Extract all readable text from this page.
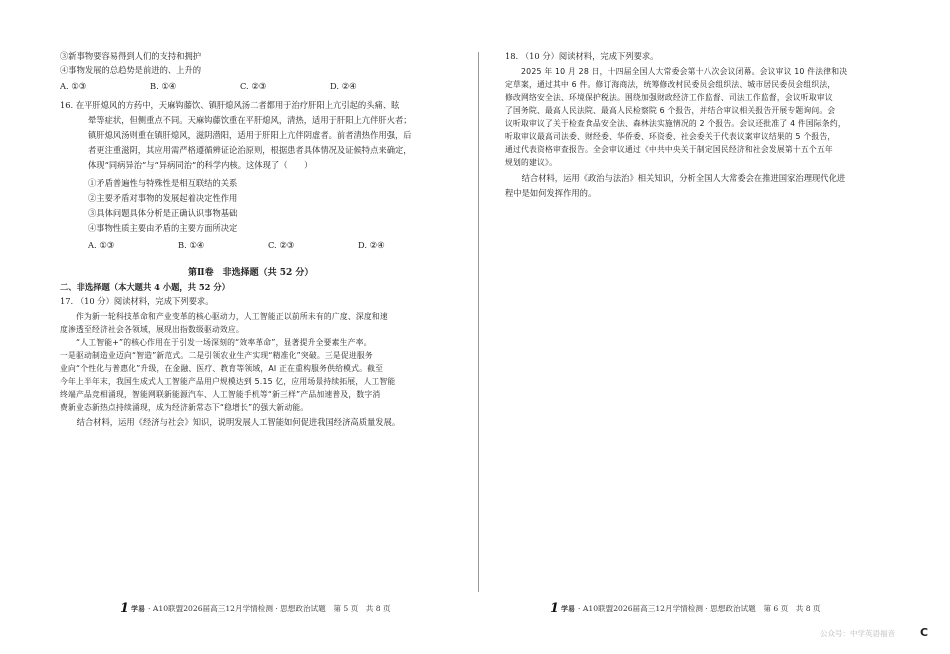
③新事物要容易得到人们的支持和拥护
④事物发展的总趋势是前进的、上升的
A. ①③	B. ①④	C. ②③	D. ②④
16. 在平肝熄风的方药中，天麻钩藤饮、镇肝熄风汤二者都用于治疗肝阳上亢引起的头痛、眩
晕等症状，但侧重点不同。天麻钩藤饮重在平肝熄风，清热，适用于肝阳上亢伴肝火者；
镇肝熄风汤则重在镇肝熄风，滋阴潜阳，适用于肝阳上亢伴阴虚者。前者清热作用强，后
者更注重滋阴，其应用需严格遵循辨证论治原则，根据患者具体情况及证候特点来确定，
体现“同病异治”与“异病同治”的科学内核。这体现了（　　）
①矛盾普遍性与特殊性是相互联结的关系
②主要矛盾对事物的发展起着决定性作用
③具体问题具体分析是正确认识事物基础
④事物性质主要由矛盾的主要方面所决定
A. ①③	B. ①④	C. ②③	D. ②④
第Ⅱ卷　非选择题（共 52 分）
二、非选择题（本大题共 4 小题，共 52 分）
17. （10 分）阅读材料，完成下列要求。
　　作为新一轮科技革命和产业变革的核心驱动力，人工智能正以前所未有的广度、深度和速
度渗透至经济社会各领域，展现出指数级驱动效应。
　　“人工智能+”的核心作用在于引发一场深刻的“效率革命”，显著提升全要素生产率。
一是驱动制造业迈向“智造”新范式。二是引领农业生产实现“精准化”突破。三是促进服务
业向“个性化与普惠化”升级，在金融、医疗、教育等领域，AI 正在重构服务供给模式。截至
今年上半年末，我国生成式人工智能产品用户规模达到 5.15 亿，应用场景持续拓展，人工智能
终端产品竞相涌现，智能网联新能源汽车、人工智能手机等“新三样”产品加速普及，数字消
费新业态新热点持续涌现，成为经济新常态下“稳增长”的强大新动能。
　　结合材料，运用《经济与社会》知识，说明发展人工智能如何促进我国经济高质量发展。
1 学易 · A10联盟2026届高三12月学情检测 · 思想政治试题　第 5 页　共 8 页
18. （10 分）阅读材料，完成下列要求。
　　2025 年 10 月 28 日，十四届全国人大常委会第十八次会议闭幕。会议审议 10 件法律和决
定草案，通过其中 6 件。修订海商法，统筹修改村民委员会组织法、城市居民委员会组织法，
修改网络安全法、环境保护税法。围绕加强财政经济工作监督、司法工作监督，会议听取审议
了国务院、最高人民法院、最高人民检察院 6 个报告，并结合审议相关报告开展专题询问。会
议听取审议了关于检查食品安全法、森林法实施情况的 2 个报告。会议还批准了 4 件国际条约，
听取审议最高司法委、财经委、华侨委、环资委、社会委关于代表议案审议结果的 5 个报告，
通过代表资格审查报告。全会审议通过《中共中央关于制定国民经济和社会发展第十五个五年
规划的建议》。
　　结合材料，运用《政治与法治》相关知识，分析全国人大常委会在推进国家治理现代化进
程中是如何发挥作用的。
1 学易 · A10联盟2026届高三12月学情检测 · 思想政治试题　第 6 页　共 8 页
公众号：中学英语福音 C
